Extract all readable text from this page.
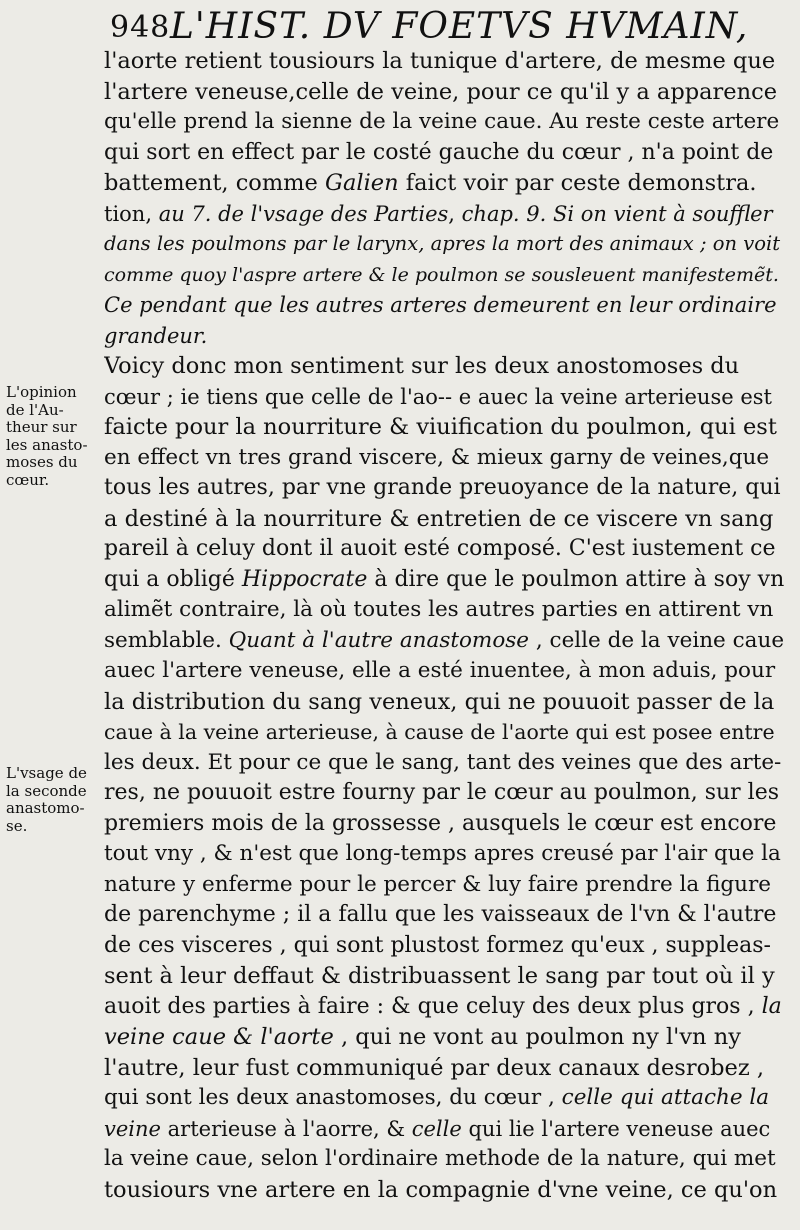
948 L'HIST. DV FOETVS HVMAIN,
l'aorte retient tousiours la tunique d'artere, de mesme que
l'artere veneuse,celle de veine, pour ce qu'il y a apparence
qu'elle prend la sienne de la veine caue. Au reste ceste artere
qui sort en effect par le costé gauche du cœur , n'a point de
battement, comme Galien faict voir par ceste demonstra.
tion, au 7. de l'vsage des Parties, chap. 9. Si on vient à souffler
dans les poulmons par le larynx, apres la mort des animaux ; on voit
comme quoy l'aspre artere & le poulmon se sousleuent manifestemẽt.
Ce pendant que les autres arteres demeurent en leur ordinaire
grandeur.
Voicy donc mon sentiment sur les deux anostomoses du
cœur ; ie tiens que celle de l'ao-- e auec la veine arterieuse est
faicte pour la nourriture & viuification du poulmon, qui est
en effect vn tres grand viscere, & mieux garny de veines,que
tous les autres, par vne grande preuoyance de la nature, qui
a destiné à la nourriture & entretien de ce viscere vn sang
pareil à celuy dont il auoit esté composé. C'est iustement ce
qui a obligé Hippocrate à dire que le poulmon attire à soy vn
alimẽt contraire, là où toutes les autres parties en attirent vn
semblable. Quant à l'autre anastomose , celle de la veine caue
auec l'artere veneuse, elle a esté inuentee, à mon aduis, pour
la distribution du sang veneux, qui ne pouuoit passer de la
caue à la veine arterieuse, à cause de l'aorte qui est posee entre
les deux. Et pour ce que le sang, tant des veines que des arte-
res, ne pouuoit estre fourny par le cœur au poulmon, sur les
premiers mois de la grossesse , ausquels le cœur est encore
tout vny , & n'est que long-temps apres creusé par l'air que la
nature y enferme pour le percer & luy faire prendre la figure
de parenchyme ; il a fallu que les vaisseaux de l'vn & l'autre
de ces visceres , qui sont plustost formez qu'eux , suppleas-
sent à leur deffaut & distribuassent le sang par tout où il y
auoit des parties à faire : & que celuy des deux plus gros , la
veine caue & l'aorte , qui ne vont au poulmon ny l'vn ny
l'autre, leur fust communiqué par deux canaux desrobez ,
qui sont les deux anastomoses, du cœur , celle qui attache la
veine arterieuse à l'aorre, & celle qui lie l'artere veneuse auec
la veine caue, selon l'ordinaire methode de la nature, qui met
tousiours vne artere en la compagnie d'vne veine, ce qu'on
L'opinion
de l'Au-
theur sur
les anasto-
moses du
cœur.
L'vsage de
la seconde
anastomo-
se.
